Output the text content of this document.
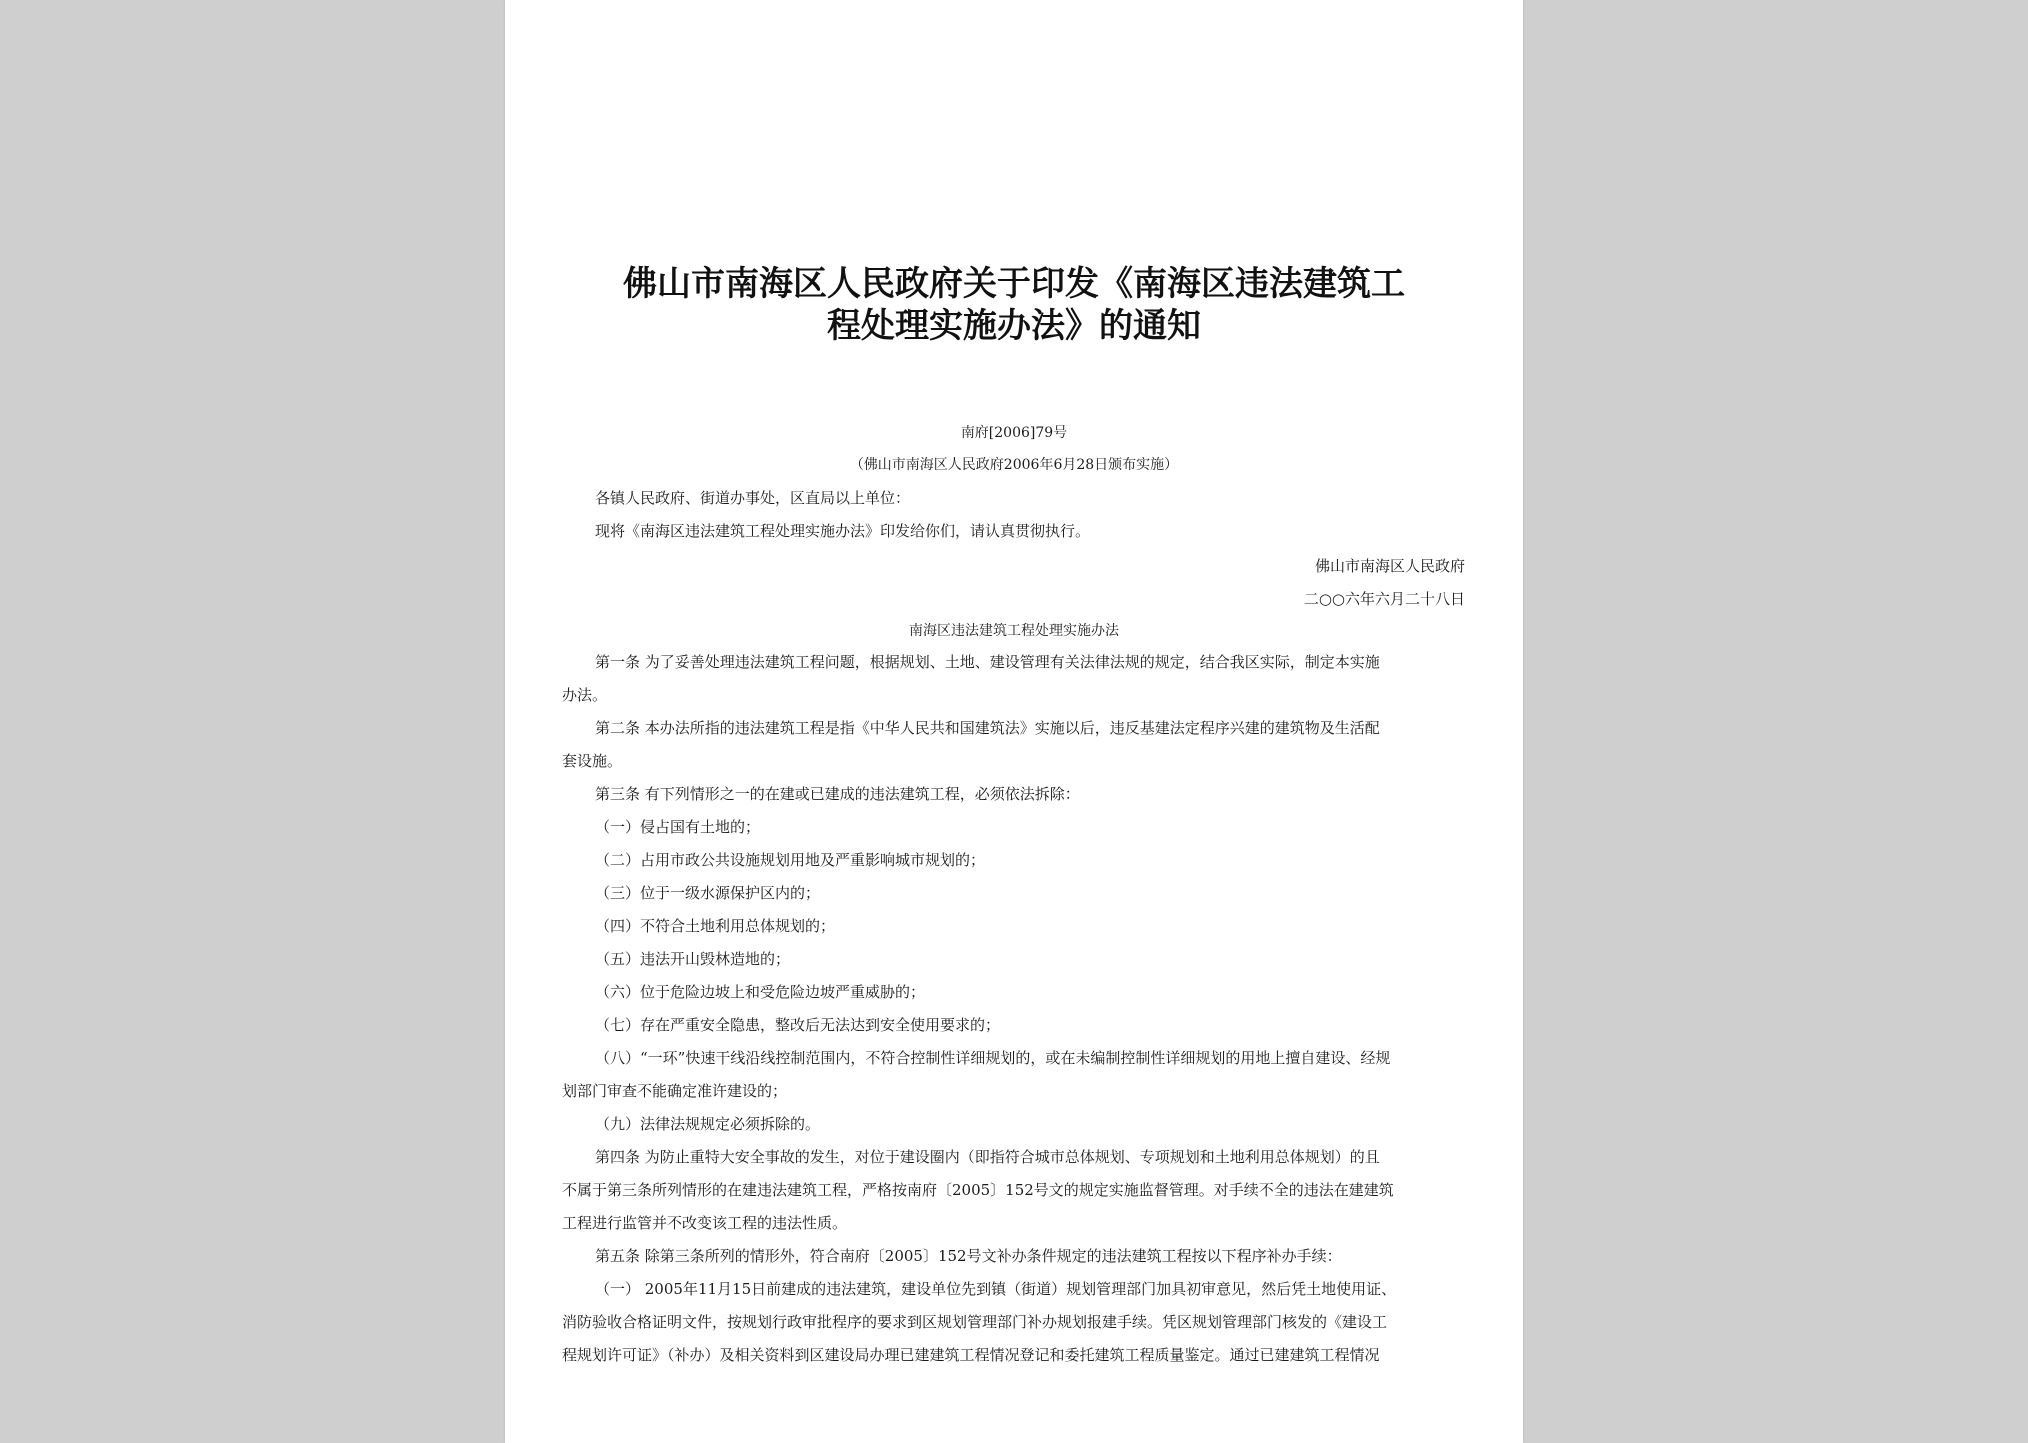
佛山市南海区人民政府关于印发《南海区违法建筑工
程处理实施办法》的通知
南府[2006]79号
（佛山市南海区人民政府2006年6月28日颁布实施）
各镇人民政府、街道办事处，区直局以上单位：
现将《南海区违法建筑工程处理实施办法》印发给你们，请认真贯彻执行。
佛山市南海区人民政府
二○○六年六月二十八日
南海区违法建筑工程处理实施办法
第一条 为了妥善处理违法建筑工程问题，根据规划、土地、建设管理有关法律法规的规定，结合我区实际，制定本实施
办法。
第二条 本办法所指的违法建筑工程是指《中华人民共和国建筑法》实施以后，违反基建法定程序兴建的建筑物及生活配
套设施。
第三条 有下列情形之一的在建或已建成的违法建筑工程，必须依法拆除：
（一）侵占国有土地的；
（二）占用市政公共设施规划用地及严重影响城市规划的；
（三）位于一级水源保护区内的；
（四）不符合土地利用总体规划的；
（五）违法开山毁林造地的；
（六）位于危险边坡上和受危险边坡严重威胁的；
（七）存在严重安全隐患，整改后无法达到安全使用要求的；
（八）“一环”快速干线沿线控制范围内，不符合控制性详细规划的，或在未编制控制性详细规划的用地上擅自建设、经规
划部门审查不能确定准许建设的；
（九）法律法规规定必须拆除的。
第四条 为防止重特大安全事故的发生，对位于建设圈内（即指符合城市总体规划、专项规划和土地利用总体规划）的且
不属于第三条所列情形的在建违法建筑工程，严格按南府〔2005〕152号文的规定实施监督管理。对手续不全的违法在建建筑
工程进行监管并不改变该工程的违法性质。
第五条 除第三条所列的情形外，符合南府〔2005〕152号文补办条件规定的违法建筑工程按以下程序补办手续：
（一） 2005年11月15日前建成的违法建筑，建设单位先到镇（街道）规划管理部门加具初审意见，然后凭土地使用证、
消防验收合格证明文件，按规划行政审批程序的要求到区规划管理部门补办规划报建手续。凭区规划管理部门核发的《建设工
程规划许可证》（补办）及相关资料到区建设局办理已建建筑工程情况登记和委托建筑工程质量鉴定。通过已建建筑工程情况
